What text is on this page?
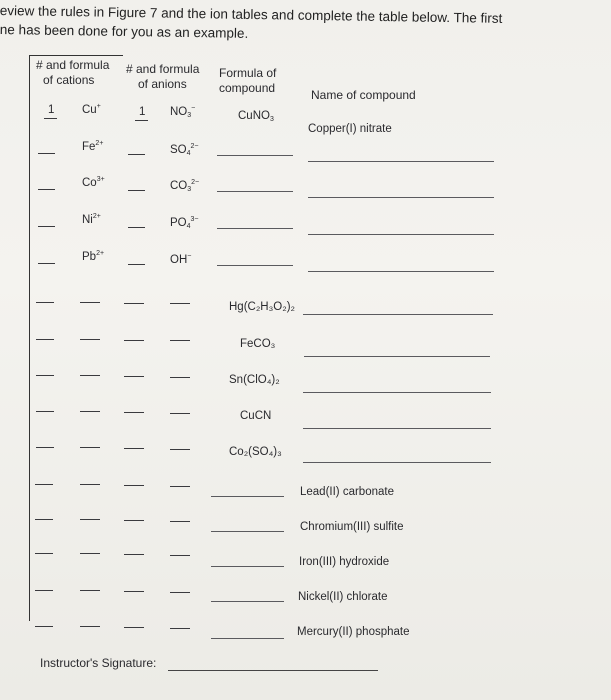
eview the rules in Figure 7 and the ion tables and complete the table below. The first
ne has been done for you as an example.
# and formula
of cations
# and formula
of anions
Formula of
compound	Name of compound
1 Cu+	1 $NO_3^-$
CuNO$_3$
Copper(I) nitrate
$Fe^{2+}$
$SO_4^{2-}$
$Co^{3+}$
$CO_3^{2-}$
$Ni^{2+}$
$PO_4^{3-}$
$Pb^{2+}$
OH−
Hg(C₂H₃O₂)₂
FeCO₃
Sn(ClO₄)₂
CuCN
Co₂(SO₄)₃
Lead(II) carbonate
Chromium(III) sulfite
Iron(III) hydroxide
Nickel(II) chlorate
Mercury(II) phosphate
Instructor's Signature:
